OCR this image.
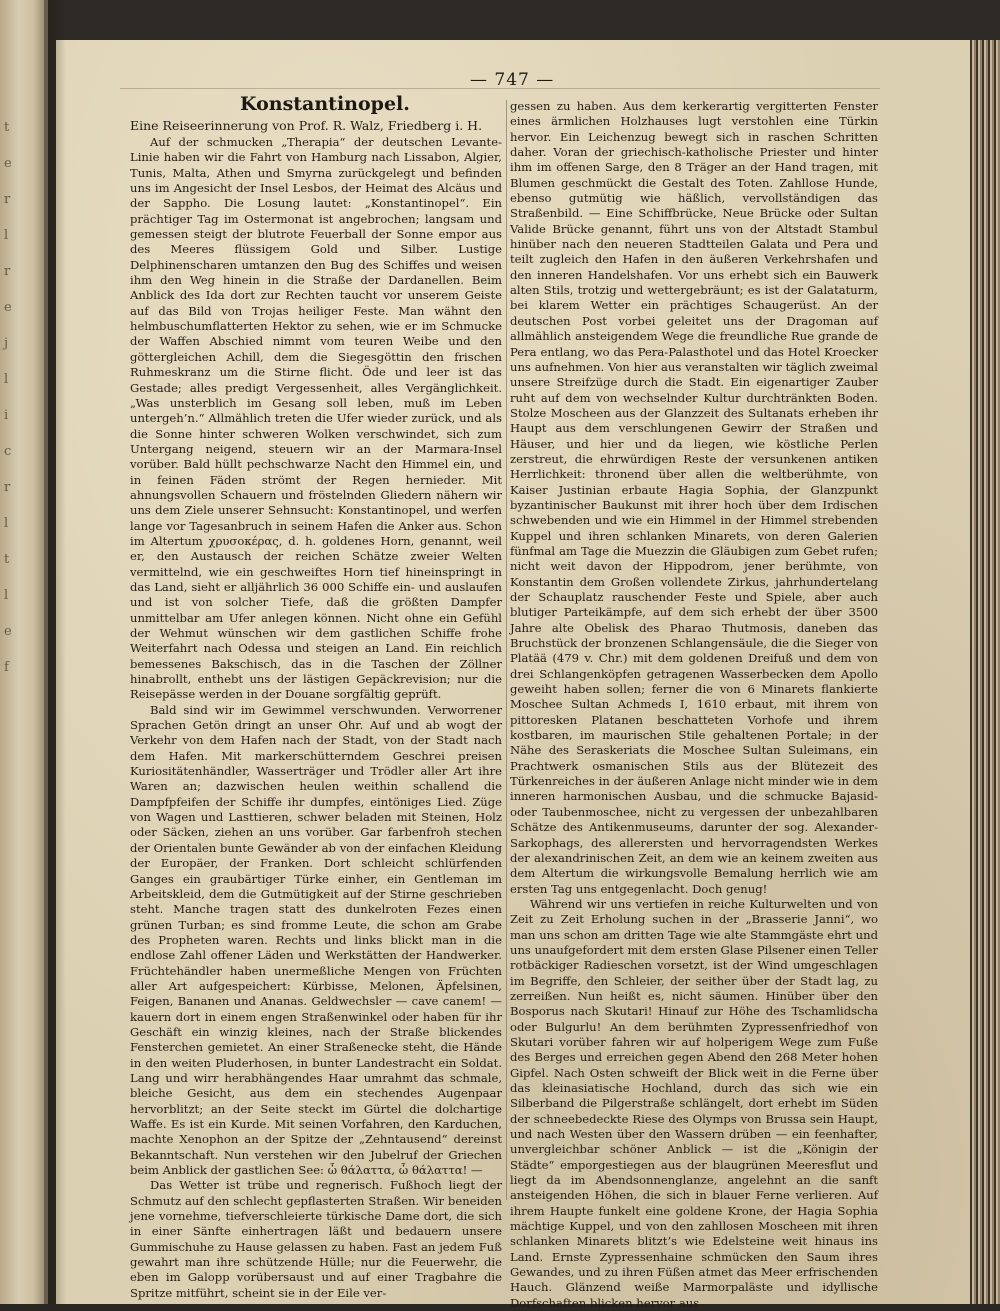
t
e
r
l
r
e
j
l
i
c
r
l
t
l
e
f
— 747 —
Konstantinopel.
Eine Reiseerinnerung von Prof. R. Walz, Friedberg i. H.

Auf der schmucken „Therapia“ der deutschen Levante-Linie haben wir die Fahrt von Hamburg nach Lissabon, Algier, Tunis, Malta, Athen und Smyrna zurückgelegt und befinden uns im Angesicht der Insel Lesbos, der Heimat des Alcäus und der Sappho. Die Losung lautet: „Konstantinopel“. Ein prächtiger Tag im Ostermonat ist angebrochen; langsam und gemessen steigt der blutrote Feuerball der Sonne empor aus des Meeres flüssigem Gold und Silber. Lustige Delphinenscharen umtanzen den Bug des Schiffes und weisen ihm den Weg hinein in die Straße der Dardanellen. Beim Anblick des Ida dort zur Rechten taucht vor unserem Geiste auf das Bild von Trojas heiliger Feste. Man wähnt den helmbuschumflatterten Hektor zu sehen, wie er im Schmucke der Waffen Abschied nimmt vom teuren Weibe und den göttergleichen Achill, dem die Siegesgöttin den frischen Ruhmeskranz um die Stirne flicht. Öde und leer ist das Gestade; alles predigt Vergessenheit, alles Vergänglichkeit. „Was unsterblich im Gesang soll leben, muß im Leben untergeh’n.“ Allmählich treten die Ufer wieder zurück, und als die Sonne hinter schweren Wolken verschwindet, sich zum Untergang neigend, steuern wir an der Marmara-Insel vorüber. Bald hüllt pechschwarze Nacht den Himmel ein, und in feinen Fäden strömt der Regen hernieder. Mit ahnungsvollen Schauern und fröstelnden Gliedern nähern wir uns dem Ziele unserer Sehnsucht: Konstantinopel, und werfen lange vor Tagesanbruch in seinem Hafen die Anker aus. Schon im Altertum χρυσοκέρας, d. h. goldenes Horn, genannt, weil er, den Austausch der reichen Schätze zweier Welten vermittelnd, wie ein geschweiftes Horn tief hineinspringt in das Land, sieht er alljährlich 36 000 Schiffe ein- und auslaufen und ist von solcher Tiefe, daß die größten Dampfer unmittelbar am Ufer anlegen können. Nicht ohne ein Gefühl der Wehmut wünschen wir dem gastlichen Schiffe frohe Weiterfahrt nach Odessa und steigen an Land. Ein reichlich bemessenes Bakschisch, das in die Taschen der Zöllner hinabrollt, enthebt uns der lästigen Gepäckrevision; nur die Reisepässe werden in der Douane sorgfältig geprüft.

Bald sind wir im Gewimmel verschwunden. Verworrener Sprachen Getön dringt an unser Ohr. Auf und ab wogt der Verkehr von dem Hafen nach der Stadt, von der Stadt nach dem Hafen. Mit markerschütterndem Geschrei preisen Kuriositätenhändler, Wasserträger und Trödler aller Art ihre Waren an; dazwischen heulen weithin schallend die Dampfpfeifen der Schiffe ihr dumpfes, eintöniges Lied. Züge von Wagen und Lasttieren, schwer beladen mit Steinen, Holz oder Säcken, ziehen an uns vorüber. Gar farbenfroh stechen der Orientalen bunte Gewänder ab von der einfachen Kleidung der Europäer, der Franken. Dort schleicht schlürfenden Ganges ein graubärtiger Türke einher, ein Gentleman im Arbeitskleid, dem die Gutmütigkeit auf der Stirne geschrieben steht. Manche tragen statt des dunkelroten Fezes einen grünen Turban; es sind fromme Leute, die schon am Grabe des Propheten waren. Rechts und links blickt man in die endlose Zahl offener Läden und Werkstätten der Handwerker. Früchtehändler haben unermeßliche Mengen von Früchten aller Art aufgespeichert: Kürbisse, Melonen, Äpfelsinen, Feigen, Bananen und Ananas. Geldwechsler — cave canem! — kauern dort in einem engen Straßenwinkel oder haben für ihr Geschäft ein winzig kleines, nach der Straße blickendes Fensterchen gemietet. An einer Straßenecke steht, die Hände in den weiten Pluderhosen, in bunter Landestracht ein Soldat. Lang und wirr herabhängendes Haar umrahmt das schmale, bleiche Gesicht, aus dem ein stechendes Augenpaar hervorblitzt; an der Seite steckt im Gürtel die dolchartige Waffe. Es ist ein Kurde. Mit seinen Vorfahren, den Karduchen, machte Xenophon an der Spitze der „Zehntausend“ dereinst Bekanntschaft. Nun verstehen wir den Jubelruf der Griechen beim Anblick der gastlichen See: ὦ θάλαττα, ὦ θάλαττα! —

Das Wetter ist trübe und regnerisch. Fußhoch liegt der Schmutz auf den schlecht gepflasterten Straßen. Wir beneiden jene vornehme, tiefverschleierte türkische Dame dort, die sich in einer Sänfte einhertragen läßt und bedauern unsere Gummischuhe zu Hause gelassen zu haben. Fast an jedem Fuß gewahrt man ihre schützende Hülle; nur die Feuerwehr, die eben im Galopp vorübersaust und auf einer Tragbahre die Spritze mitführt, scheint sie in der Eile ver-

gessen zu haben. Aus dem kerkerartig vergitterten Fenster eines ärmlichen Holzhauses lugt verstohlen eine Türkin hervor. Ein Leichenzug bewegt sich in raschen Schritten daher. Voran der griechisch-katholische Priester und hinter ihm im offenen Sarge, den 8 Träger an der Hand tragen, mit Blumen geschmückt die Gestalt des Toten. Zahllose Hunde, ebenso gutmütig wie häßlich, vervollständigen das Straßenbild. — Eine Schiffbrücke, Neue Brücke oder Sultan Valide Brücke genannt, führt uns von der Altstadt Stambul hinüber nach den neueren Stadtteilen Galata und Pera und teilt zugleich den Hafen in den äußeren Verkehrshafen und den inneren Handelshafen. Vor uns erhebt sich ein Bauwerk alten Stils, trotzig und wettergebräunt; es ist der Galataturm, bei klarem Wetter ein prächtiges Schaugerüst. An der deutschen Post vorbei geleitet uns der Dragoman auf allmählich ansteigendem Wege die freundliche Rue grande de Pera entlang, wo das Pera-Palasthotel und das Hotel Kroecker uns aufnehmen. Von hier aus veranstalten wir täglich zweimal unsere Streifzüge durch die Stadt. Ein eigenartiger Zauber ruht auf dem von wechselnder Kultur durchtränkten Boden. Stolze Moscheen aus der Glanzzeit des Sultanats erheben ihr Haupt aus dem verschlungenen Gewirr der Straßen und Häuser, und hier und da liegen, wie köstliche Perlen zerstreut, die ehrwürdigen Reste der versunkenen antiken Herrlichkeit: thronend über allen die weltberühmte, von Kaiser Justinian erbaute Hagia Sophia, der Glanzpunkt byzantinischer Baukunst mit ihrer hoch über dem Irdischen schwebenden und wie ein Himmel in der Himmel strebenden Kuppel und ihren schlanken Minarets, von deren Galerien fünfmal am Tage die Muezzin die Gläubigen zum Gebet rufen; nicht weit davon der Hippodrom, jener berühmte, von Konstantin dem Großen vollendete Zirkus, jahrhundertelang der Schauplatz rauschender Feste und Spiele, aber auch blutiger Parteikämpfe, auf dem sich erhebt der über 3500 Jahre alte Obelisk des Pharao Thutmosis, daneben das Bruchstück der bronzenen Schlangensäule, die die Sieger von Platää (479 v. Chr.) mit dem goldenen Dreifuß und dem von drei Schlangenköpfen getragenen Wasserbecken dem Apollo geweiht haben sollen; ferner die von 6 Minarets flankierte Moschee Sultan Achmeds I, 1610 erbaut, mit ihrem von pittoresken Platanen beschatteten Vorhofe und ihrem kostbaren, im maurischen Stile gehaltenen Portale; in der Nähe des Seraskeriats die Moschee Sultan Suleimans, ein Prachtwerk osmanischen Stils aus der Blütezeit des Türkenreiches in der äußeren Anlage nicht minder wie in dem inneren harmonischen Ausbau, und die schmucke Bajasid- oder Taubenmoschee, nicht zu vergessen der unbezahlbaren Schätze des Antikenmuseums, darunter der sog. Alexander-Sarkophags, des allerersten und hervorragendsten Werkes der alexandrinischen Zeit, an dem wie an keinem zweiten aus dem Altertum die wirkungsvolle Bemalung herrlich wie am ersten Tag uns entgegenlacht. Doch genug!

Während wir uns vertiefen in reiche Kulturwelten und von Zeit zu Zeit Erholung suchen in der „Brasserie Janni“, wo man uns schon am dritten Tage wie alte Stammgäste ehrt und uns unaufgefordert mit dem ersten Glase Pilsener einen Teller rotbäckiger Radieschen vorsetzt, ist der Wind umgeschlagen im Begriffe, den Schleier, der seither über der Stadt lag, zu zerreißen. Nun heißt es, nicht säumen. Hinüber über den Bosporus nach Skutari! Hinauf zur Höhe des Tschamlidscha oder Bulgurlu! An dem berühmten Zypressenfriedhof von Skutari vorüber fahren wir auf holperigem Wege zum Fuße des Berges und erreichen gegen Abend den 268 Meter hohen Gipfel. Nach Osten schweift der Blick weit in die Ferne über das kleinasiatische Hochland, durch das sich wie ein Silberband die Pilgerstraße schlängelt, dort erhebt im Süden der schneebedeckte Riese des Olymps von Brussa sein Haupt, und nach Westen über den Wassern drüben — ein feenhafter, unvergleichbar schöner Anblick — ist die „Königin der Städte“ emporgestiegen aus der blaugrünen Meeresflut und liegt da im Abendsonnenglanze, angelehnt an die sanft ansteigenden Höhen, die sich in blauer Ferne verlieren. Auf ihrem Haupte funkelt eine goldene Krone, der Hagia Sophia mächtige Kuppel, und von den zahllosen Moscheen mit ihren schlanken Minarets blitzt’s wie Edelsteine weit hinaus ins Land. Ernste Zypressenhaine schmücken den Saum ihres Gewandes, und zu ihren Füßen atmet das Meer erfrischenden Hauch. Glänzend weiße Marmorpaläste und idyllische Dorfschaften blicken hervor aus
